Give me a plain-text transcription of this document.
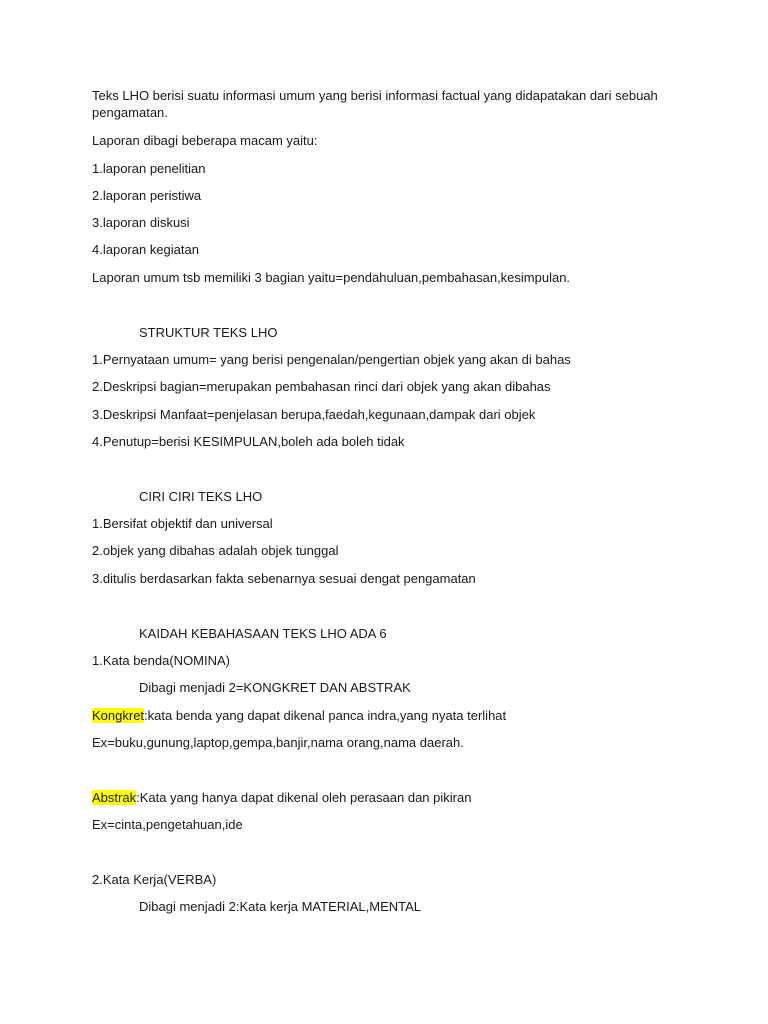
Teks LHO berisi suatu informasi umum yang berisi informasi factual yang didapatakan dari sebuah pengamatan.
Laporan dibagi beberapa macam yaitu:
1.laporan penelitian
2.laporan peristiwa
3.laporan diskusi
4.laporan kegiatan
Laporan umum tsb memiliki 3 bagian yaitu=pendahuluan,pembahasan,kesimpulan.
STRUKTUR TEKS LHO
1.Pernyataan umum= yang berisi pengenalan/pengertian objek yang akan di bahas
2.Deskripsi bagian=merupakan pembahasan rinci dari objek yang akan dibahas
3.Deskripsi Manfaat=penjelasan berupa,faedah,kegunaan,dampak dari objek
4.Penutup=berisi KESIMPULAN,boleh ada boleh tidak
CIRI CIRI TEKS LHO
1.Bersifat objektif dan universal
2.objek yang dibahas adalah objek tunggal
3.ditulis berdasarkan fakta sebenarnya sesuai dengat pengamatan
KAIDAH KEBAHASAAN TEKS LHO ADA 6
1.Kata benda(NOMINA)
Dibagi menjadi 2=KONGKRET DAN ABSTRAK
Kongkret:kata benda yang dapat dikenal panca indra,yang nyata terlihat
Ex=buku,gunung,laptop,gempa,banjir,nama orang,nama daerah.
Abstrak:Kata yang hanya dapat dikenal oleh perasaan dan pikiran
Ex=cinta,pengetahuan,ide
2.Kata Kerja(VERBA)
Dibagi menjadi 2:Kata kerja MATERIAL,MENTAL
